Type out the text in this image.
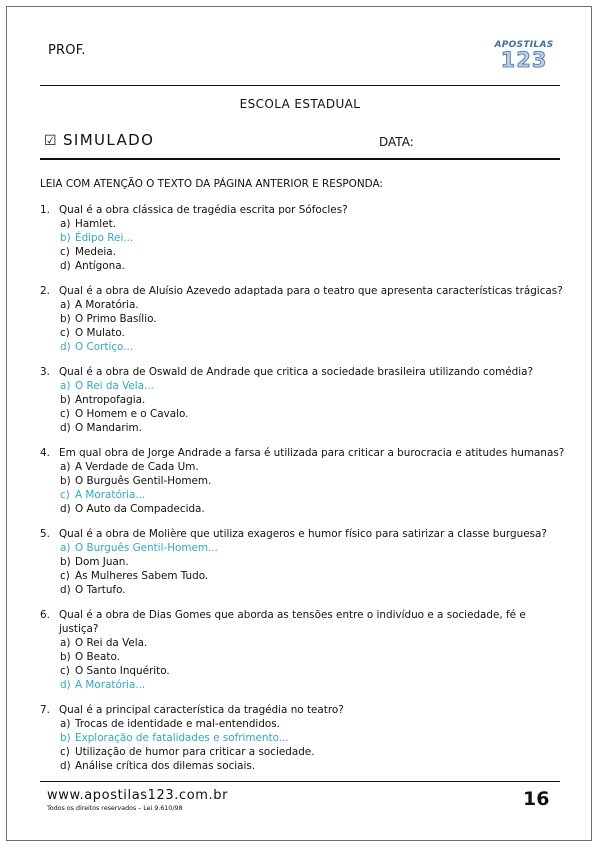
PROF.	APOSTILAS
123
ESCOLA ESTADUAL
☑ SIMULADO	DATA:
LEIA COM ATENÇÃO O TEXTO DA PÁGINA ANTERIOR E RESPONDA:
1. Qual é a obra clássica de tragédia escrita por Sófocles?
a) Hamlet.
b) Édipo Rei...
c) Medeia.
d) Antígona.
2. Qual é a obra de Aluísio Azevedo adaptada para o teatro que apresenta características trágicas?
a) A Moratória.
b) O Primo Basílio.
c) O Mulato.
d) O Cortiço...
3. Qual é a obra de Oswald de Andrade que critica a sociedade brasileira utilizando comédia?
a) O Rei da Vela...
b) Antropofagia.
c) O Homem e o Cavalo.
d) O Mandarim.
4. Em qual obra de Jorge Andrade a farsa é utilizada para criticar a burocracia e atitudes humanas?
a) A Verdade de Cada Um.
b) O Burguês Gentil-Homem.
c) A Moratória...
d) O Auto da Compadecida.
5. Qual é a obra de Molière que utiliza exageros e humor físico para satirizar a classe burguesa?
a) O Burguês Gentil-Homem...
b) Dom Juan.
c) As Mulheres Sabem Tudo.
d) O Tartufo.
6. Qual é a obra de Dias Gomes que aborda as tensões entre o indivíduo e a sociedade, fé e justiça?
a) O Rei da Vela.
b) O Beato.
c) O Santo Inquérito.
d) A Moratória...
7. Qual é a principal característica da tragédia no teatro?
a) Trocas de identidade e mal-entendidos.
b) Exploração de fatalidades e sofrimento...
c) Utilização de humor para criticar a sociedade.
d) Análise crítica dos dilemas sociais.
www.apostilas123.com.br
Todos os direitos reservados – Lei 9.610/98	16
